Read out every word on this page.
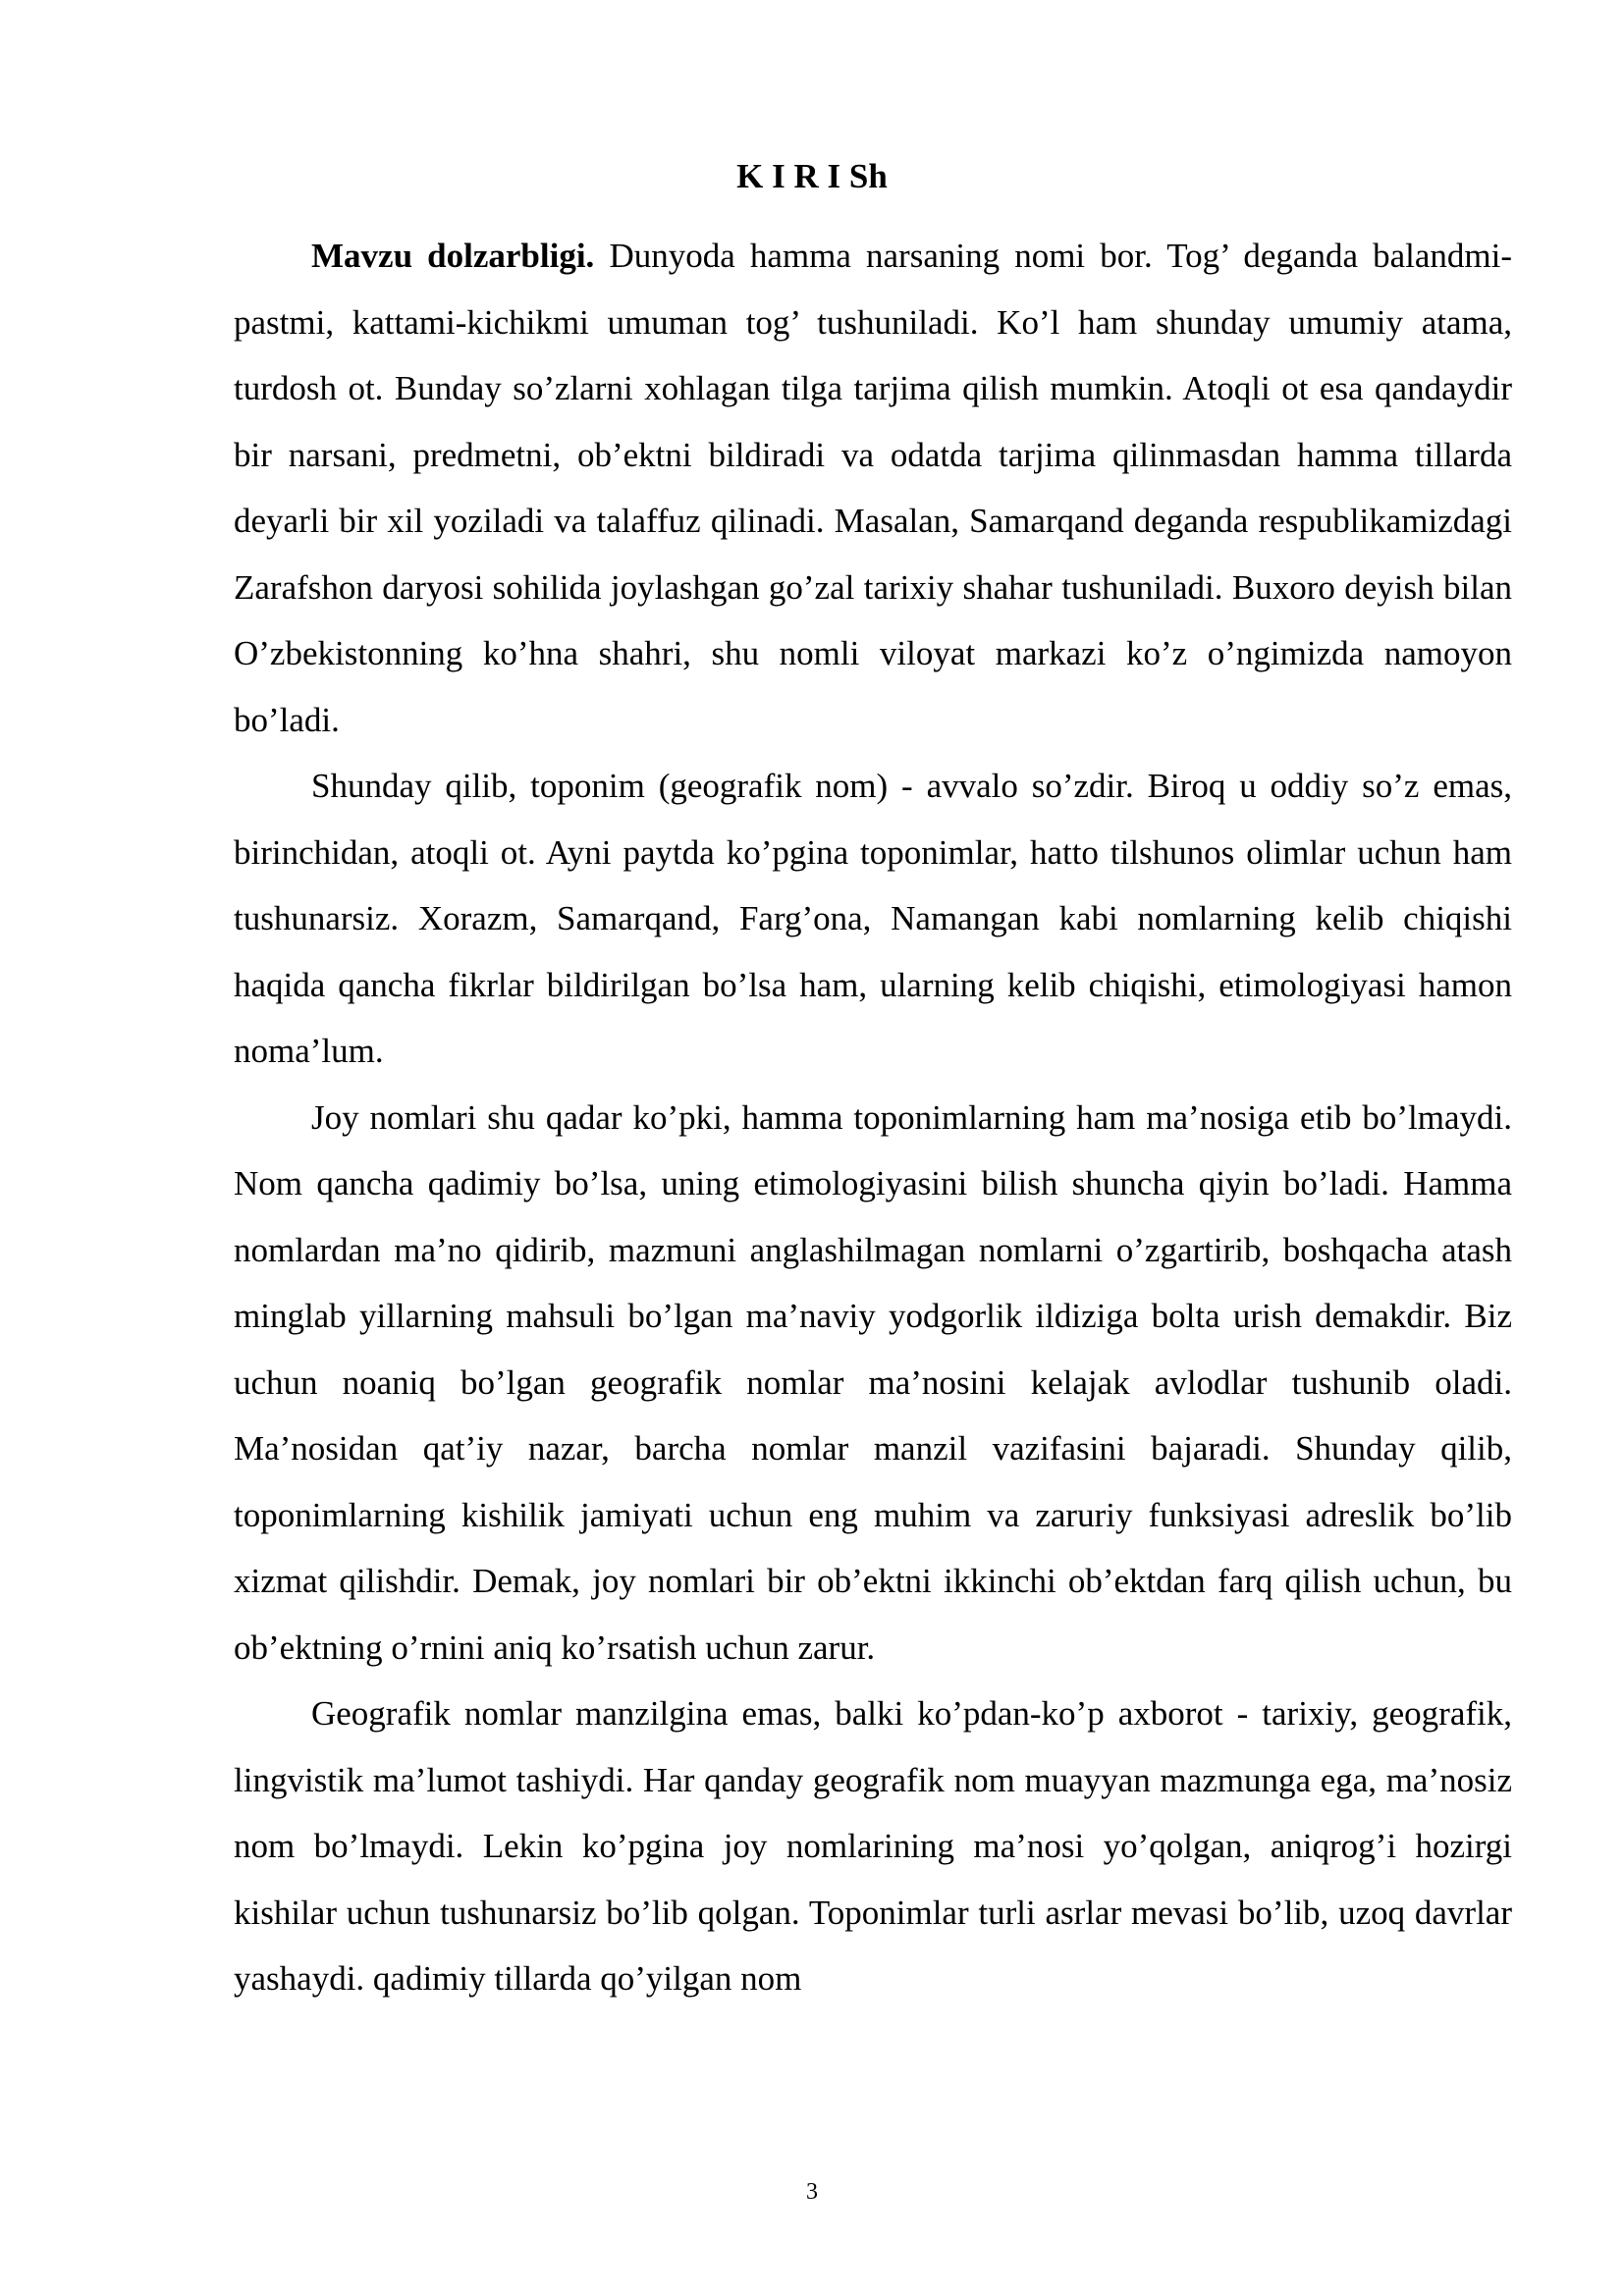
K I R I Sh

Mavzu dolzarbligi. Dunyoda hamma narsaning nomi bor. Tog’ deganda balandmi-pastmi, kattami-kichikmi umuman tog’ tushuniladi. Ko’l ham shunday umumiy atama, turdosh ot. Bunday so’zlarni xohlagan tilga tarjima qilish mumkin. Atoqli ot esa qandaydir bir narsani, predmetni, ob’ektni bildiradi va odatda tarjima qilinmasdan hamma tillarda deyarli bir xil yoziladi va talaffuz qilinadi. Masalan, Samarqand deganda respublikamizdagi Zarafshon daryosi sohilida joylashgan go’zal tarixiy shahar tushuniladi. Buxoro deyish bilan O’zbekistonning ko’hna shahri, shu nomli viloyat markazi ko’z o’ngimizda namoyon bo’ladi.

Shunday qilib, toponim (geografik nom) - avvalo so’zdir. Biroq u oddiy so’z emas, birinchidan, atoqli ot. Ayni paytda ko’pgina toponimlar, hatto tilshunos olimlar uchun ham tushunarsiz. Xorazm, Samarqand, Farg’ona, Namangan kabi nomlarning kelib chiqishi haqida qancha fikrlar bildirilgan bo’lsa ham, ularning kelib chiqishi, etimologiyasi hamon noma’lum.

Joy nomlari shu qadar ko’pki, hamma toponimlarning ham ma’nosiga etib bo’lmaydi. Nom qancha qadimiy bo’lsa, uning etimologiyasini bilish shuncha qiyin bo’ladi. Hamma nomlardan ma’no qidirib, mazmuni anglashilmagan nomlarni o’zgartirib, boshqacha atash minglab yillarning mahsuli bo’lgan ma’naviy yodgorlik ildiziga bolta urish demakdir. Biz uchun noaniq bo’lgan geografik nomlar ma’nosini kelajak avlodlar tushunib oladi. Ma’nosidan qat’iy nazar, barcha nomlar manzil vazifasini bajaradi. Shunday qilib, toponimlarning kishilik jamiyati uchun eng muhim va zaruriy funksiyasi adreslik bo’lib xizmat qilishdir. Demak, joy nomlari bir ob’ektni ikkinchi ob’ektdan farq qilish uchun, bu ob’ektning o’rnini aniq ko’rsatish uchun zarur.

Geografik nomlar manzilgina emas, balki ko’pdan-ko’p axborot - tarixiy, geografik, lingvistik ma’lumot tashiydi. Har qanday geografik nom muayyan mazmunga ega, ma’nosiz nom bo’lmaydi. Lekin ko’pgina joy nomlarining ma’nosi yo’qolgan, aniqrog’i hozirgi kishilar uchun tushunarsiz bo’lib qolgan. Toponimlar turli asrlar mevasi bo’lib, uzoq davrlar yashaydi. qadimiy tillarda qo’yilgan nom

3
